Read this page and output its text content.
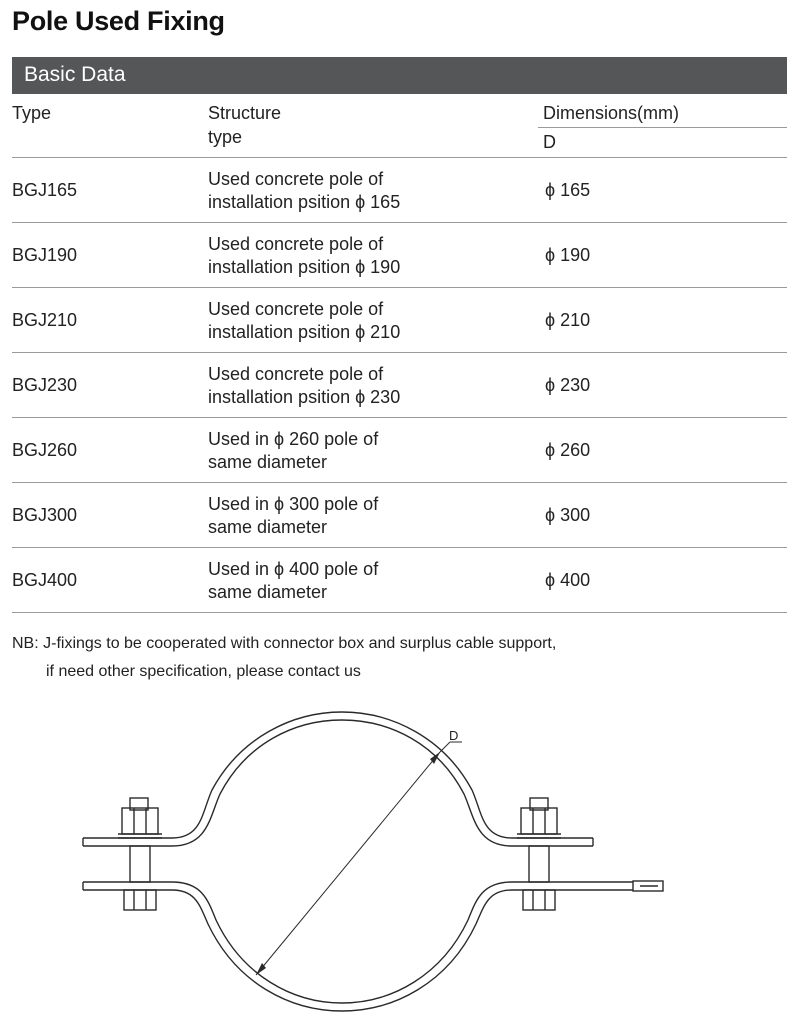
Pole Used Fixing
Basic Data
Type	Structure
type
Dimensions(mm)
D
BGJ165
Used concrete pole of
installation psition ϕ 165
ϕ 165
BGJ190
Used concrete pole of
installation psition ϕ 190
ϕ 190
BGJ210
Used concrete pole of
installation psition ϕ 210
ϕ 210
BGJ230
Used concrete pole of
installation psition ϕ 230
ϕ 230
BGJ260
Used in ϕ 260 pole of
same diameter
ϕ 260
BGJ300
Used in ϕ 300 pole of
same diameter
ϕ 300
BGJ400
Used in ϕ 400 pole of
same diameter
ϕ 400
NB: J-fixings to be cooperated with connector box and surplus cable support,
if need other specification, please contact us
D
